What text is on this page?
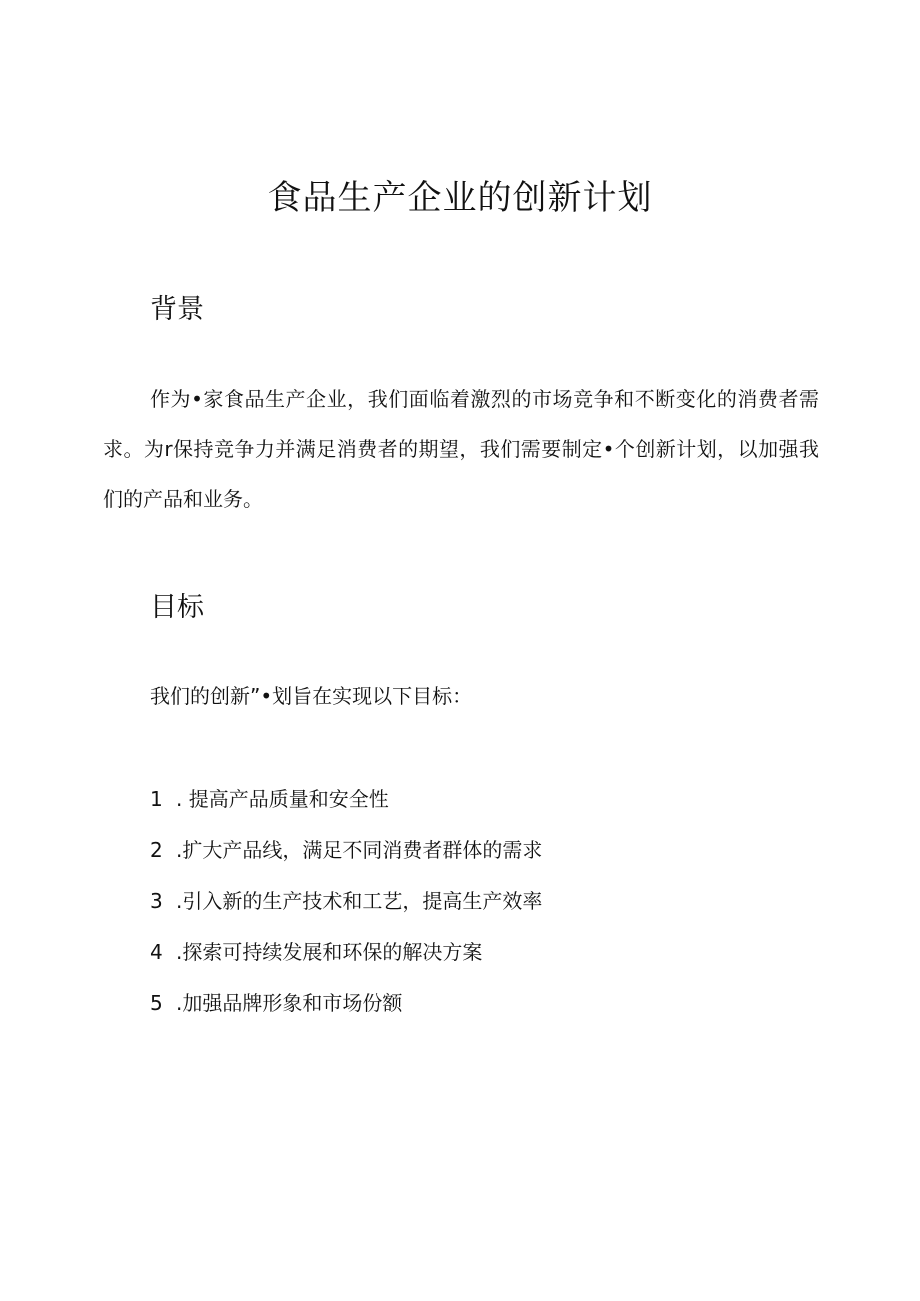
食品生产企业的创新计划
背景

作为•家食品生产企业，我们面临着激烈的市场竞争和不断变化的消费者需求。为r保持竞争力并满足消费者的期望，我们需要制定•个创新计划，以加强我们的产品和业务。

目标

我们的创新”•划旨在实现以下目标：

1 . 提高产品质量和安全性
2 .扩大产品线，满足不同消费者群体的需求
3 .引入新的生产技术和工艺，提高生产效率
4 .探索可持续发展和环保的解决方案
5 .加强品牌形象和市场份额
